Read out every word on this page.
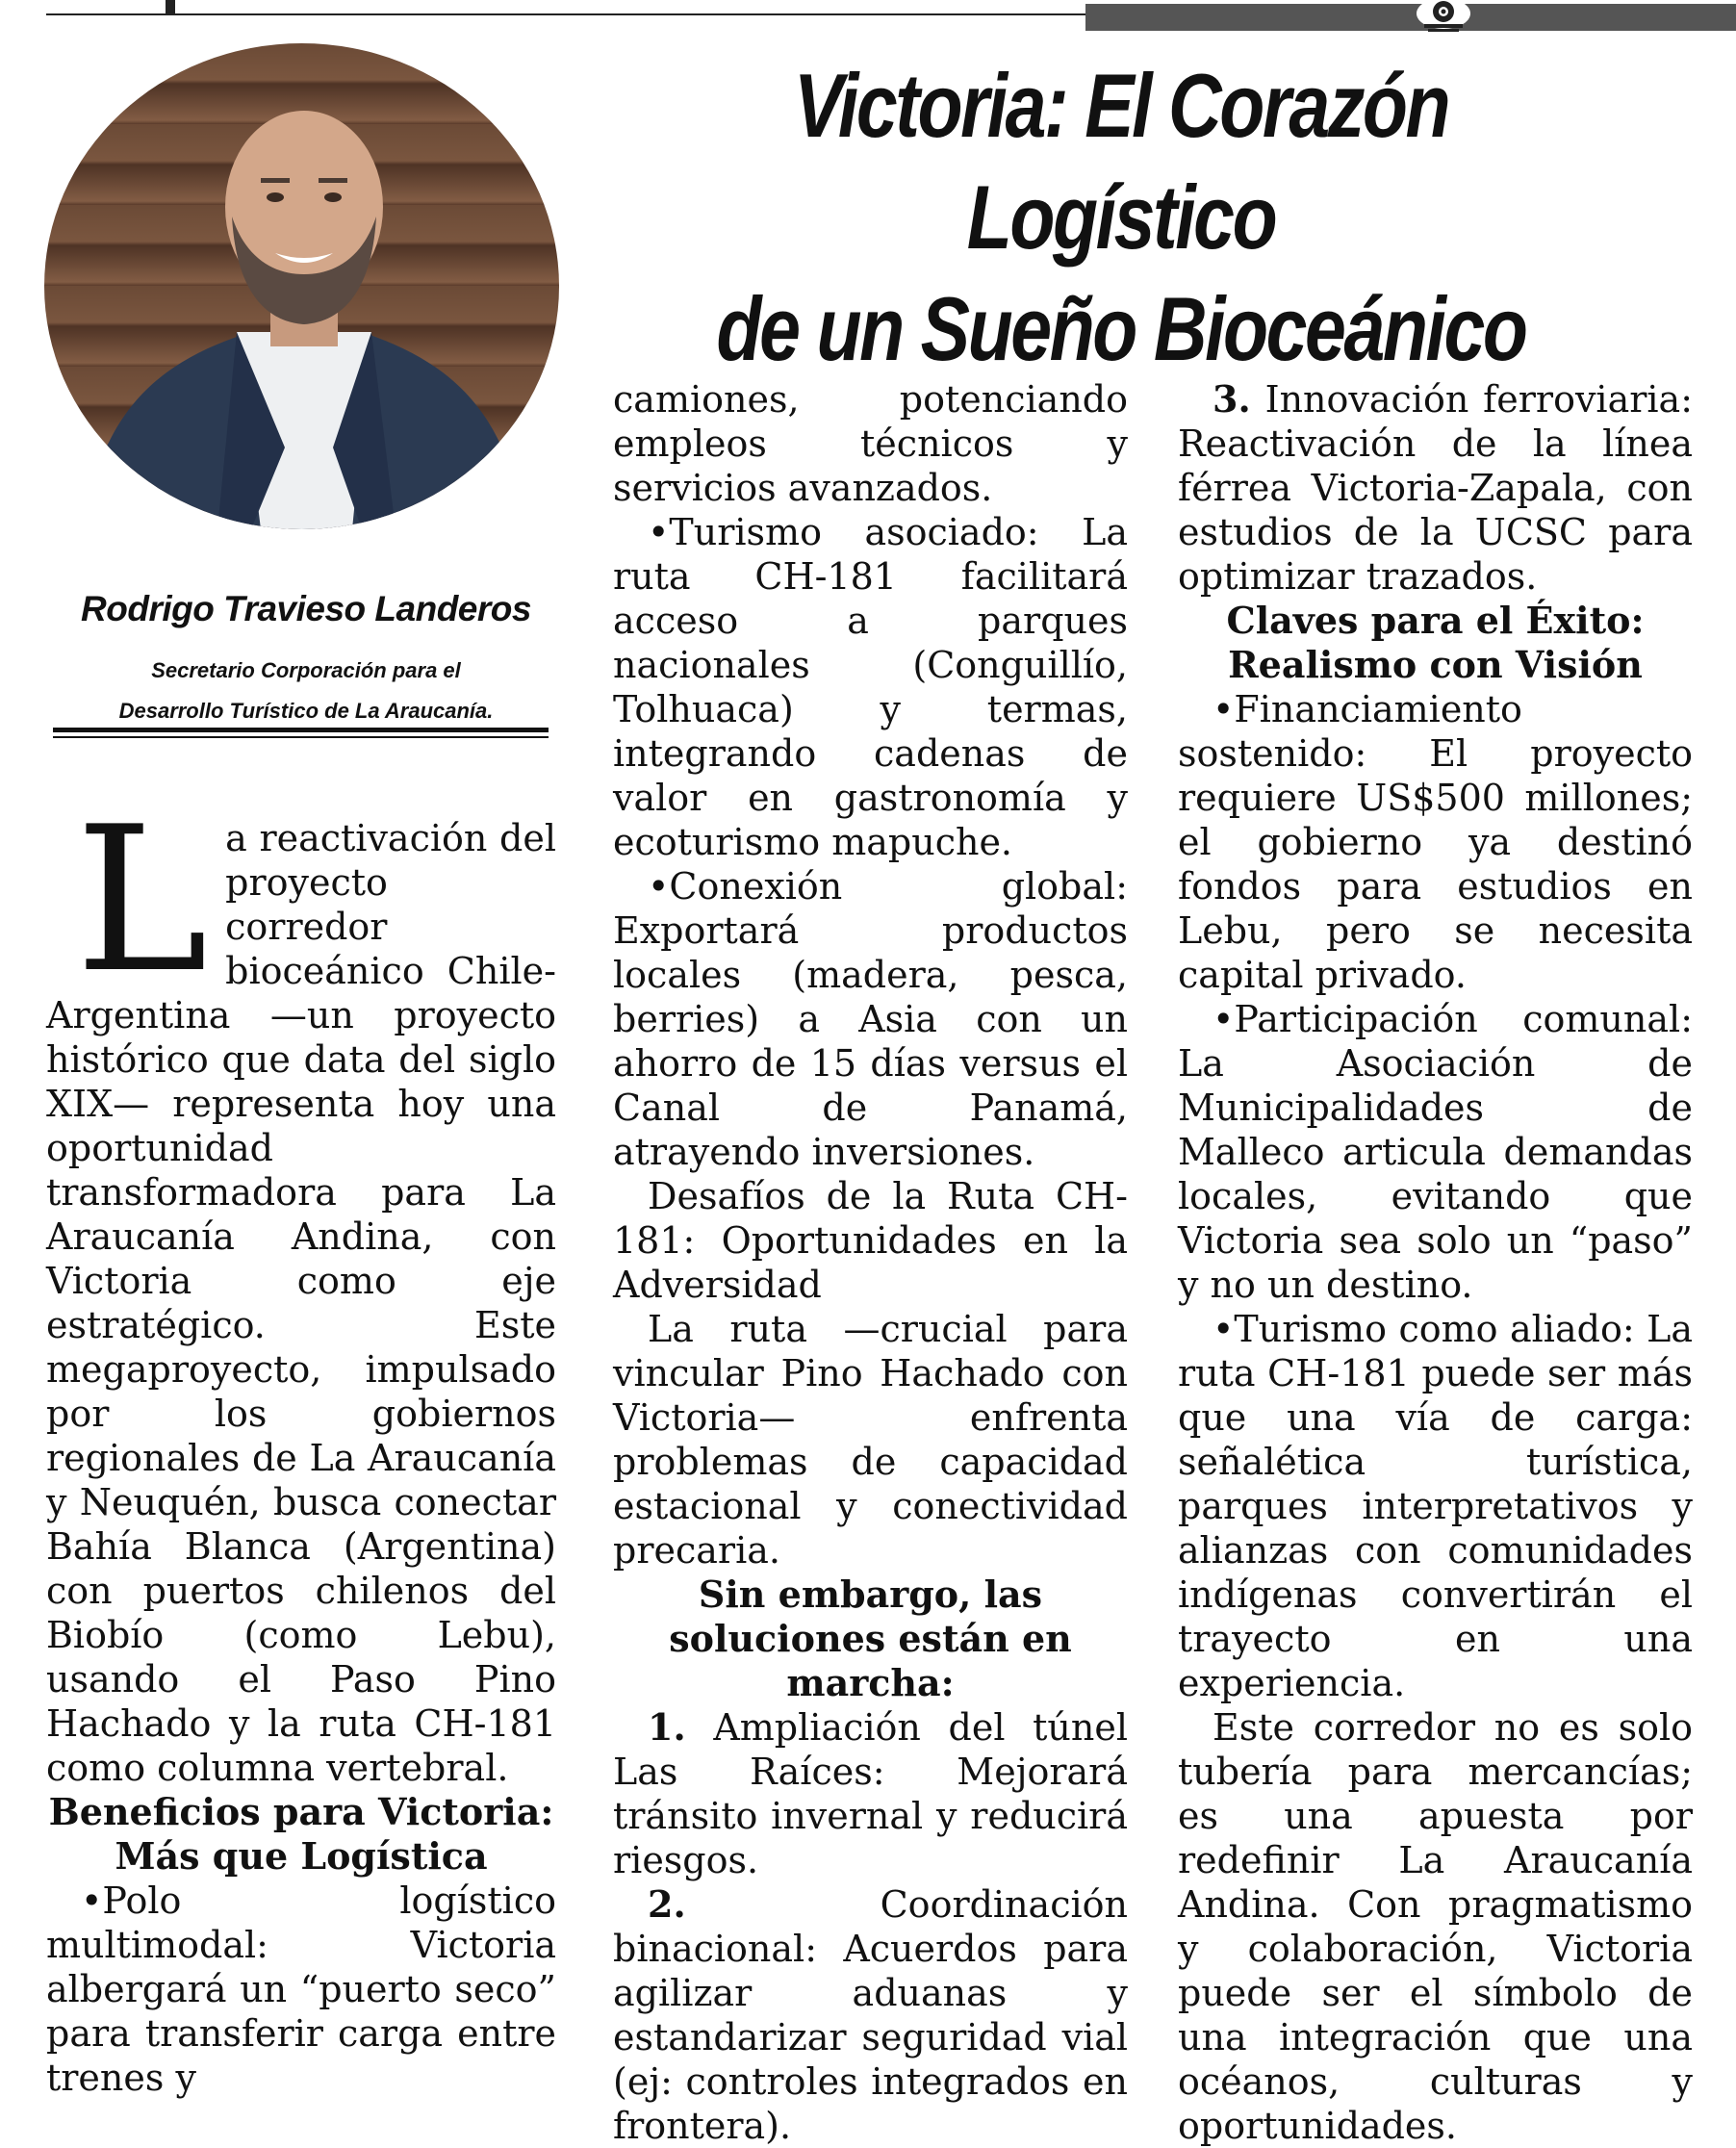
Victoria: El Corazón Logístico
de un Sueño Bioceánico
Rodrigo Travieso Landeros
Secretario Corporación para el
Desarrollo Turístico de La Araucanía.

La reactivación del proyecto corredor bioceánico Chile-Argentina —un proyecto histórico que data del siglo XIX— representa hoy una oportunidad transformadora para La Araucanía Andina, con Victoria como eje estratégico. Este megaproyecto, impulsado por los gobiernos regionales de La Araucanía y Neuquén, busca conectar Bahía Blanca (Argentina) con puertos chilenos del Biobío (como Lebu), usando el Paso Pino Hachado y la ruta CH-181 como columna vertebral.

Beneficios para Victoria: Más que Logística

•Polo logístico multimodal: Victoria albergará un “puerto seco” para transferir carga entre trenes y

camiones, potenciando empleos técnicos y servicios avanzados.

•Turismo asociado: La ruta CH-181 facilitará acceso a parques nacionales (Conguillío, Tolhuaca) y termas, integrando cadenas de valor en gastronomía y ecoturismo mapuche.

•Conexión global: Exportará productos locales (madera, pesca, berries) a Asia con un ahorro de 15 días versus el Canal de Panamá, atrayendo inversiones.

Desafíos de la Ruta CH-181: Oportunidades en la Adversidad

La ruta —crucial para vincular Pino Hachado con Victoria— enfrenta problemas de capacidad estacional y conectividad precaria.

Sin embargo, las soluciones están en marcha:

1. Ampliación del túnel Las Raíces: Mejorará tránsito invernal y reducirá riesgos.

2.	Coordinación binacional: Acuerdos para agilizar aduanas y estandarizar seguridad vial (ej: controles integrados en frontera).

3. Innovación ferroviaria: Reactivación de la línea férrea Victoria-Zapala, con estudios de la UCSC para optimizar trazados.

Claves para el Éxito: Realismo con Visión

•Financiamiento sostenido: El proyecto requiere US$500 millones; el gobierno ya destinó fondos para estudios en Lebu, pero se necesita capital privado.

•Participación comunal: La Asociación de Municipalidades de Malleco articula demandas locales, evitando que Victoria sea solo un “paso” y no un destino.

•Turismo como aliado: La ruta CH-181 puede ser más que una vía de carga: señalética turística, parques interpretativos y alianzas con comunidades indígenas convertirán el trayecto en una experiencia.

Este corredor no es solo tubería para mercancías; es una apuesta por redefinir La Araucanía Andina. Con pragmatismo y colaboración, Victoria puede ser el símbolo de una integración que una océanos, culturas y oportunidades.
